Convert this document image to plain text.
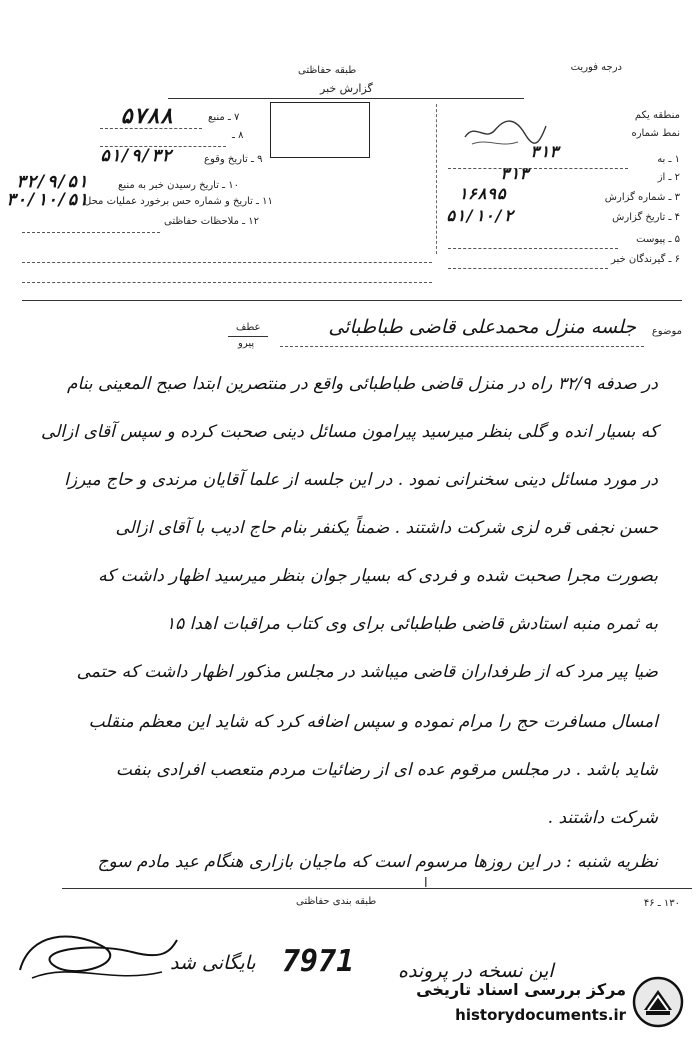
درجه فوریت
طبقه حفاظتی
گزارش خبر
۷ ـ منبع
۵۷۸۸
۸ ـ
۹ ـ تاریخ وقوع
۵۱/۹/۳۲
۱۰ ـ تاریخ رسیدن خبر به منبع
۳۲/۹/۵۱
۱۱ ـ تاریخ و شماره حس برخورد عملیات محل
۳۰/۱۰/۵۱
۱۲ ـ ملاحظات حفاظتی
منطقه یکم
نمط شماره
۳۱۳	۱ ـ به
۲ ـ از
۳۱۳
۳ ـ شماره گزارش
۱۶۸۹۵
۴ ـ تاریخ گزارش
۵۱/۱۰/۲
۵ ـ پیوست
۶ ـ گیرندگان خبر
عطف
پیرو
موضوع
جلسه منزل محمدعلی قاضی طباطبائی
در صدفه ۳۲/۹ راه در منزل قاضی طباطبائی واقع در منتصرین ابتدا صبح المعینی بنام
که بسیار انده و گلی بنظر میرسید پیرامون مسائل دینی صحبت کرده و سپس آقای ازالی
در مورد مسائل دینی سخنرانی نمود . در این جلسه از علما آقایان مرندی و حاج میرزا
حسن نجفی قره لزی شرکت داشتند . ضمناً یکنفر بنام حاج ادیب با آقای ازالی
بصورت مجرا صحبت شده و فردی که بسیار جوان بنظر میرسید اظهار داشت که
به ثمره منبه استادش قاضی طباطبائی برای وی کتاب مراقبات اهدا ۱۵
ضیا پیر مرد که از طرفداران قاضی میباشد در مجلس مذکور اظهار داشت که حتمی
امسال مسافرت حج را مرام نموده و سپس اضافه کرد که شاید این معظم منقلب
شاید باشد . در مجلس مرقوم عده ای از رضائیات مردم متعصب افرادی بنفت
شرکت داشتند .
نظریه شنبه : در این روزها مرسوم است که ماجیان بازاری هنگام عید مادم سوج
ا
طبقه بندی حفاظتی	۱۳۰ ـ ۴۶
بایگانی شد 7971 این نسخه در پرونده
مرکز بررسی اسناد تاریخی
historydocuments.ir
